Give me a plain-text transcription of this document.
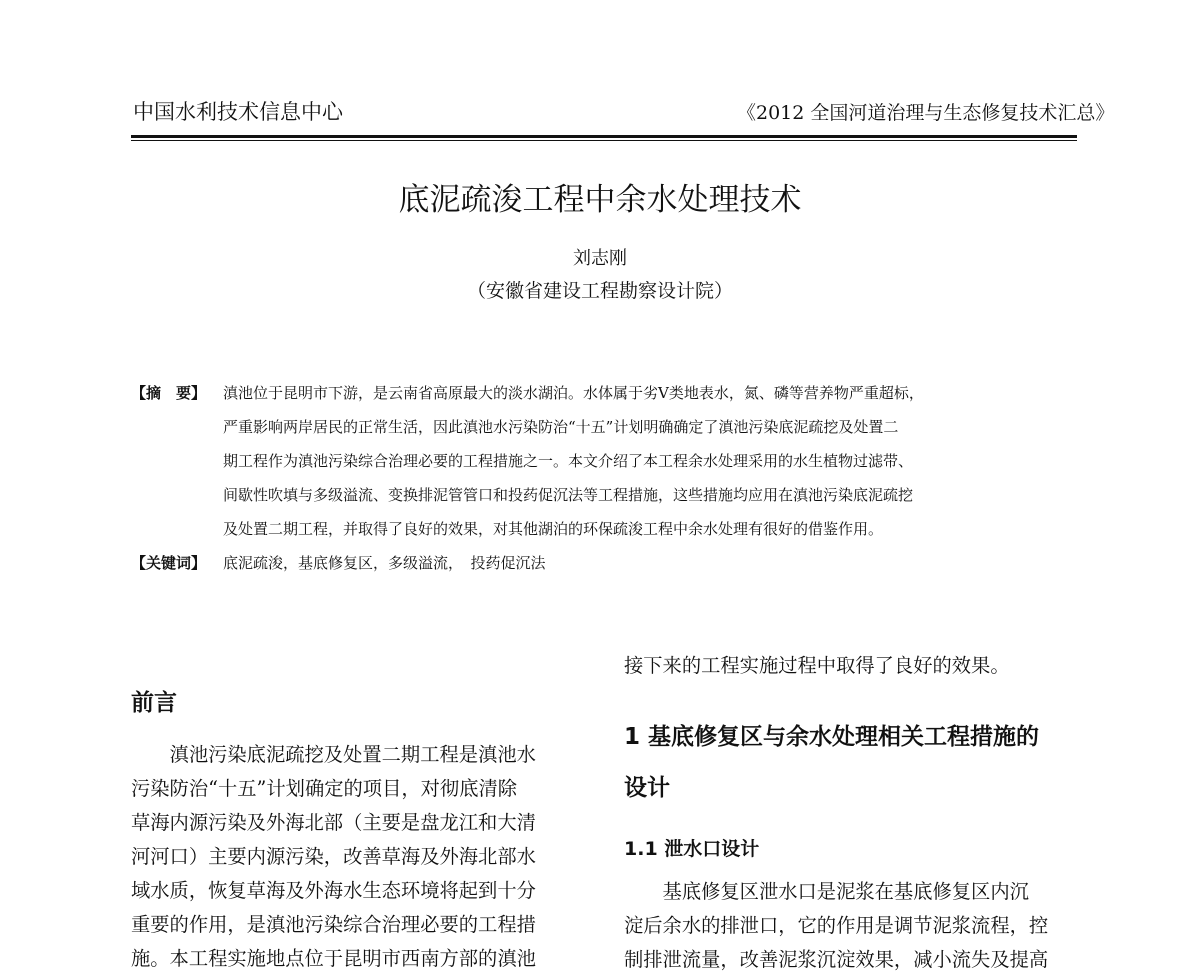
中国水利技术信息中心	《2012 全国河道治理与生态修复技术汇总》
底泥疏浚工程中余水处理技术
刘志刚
（安徽省建设工程勘察设计院）
【摘　要】 滇池位于昆明市下游，是云南省高原最大的淡水湖泊。水体属于劣Ⅴ类地表水，氮、磷等营养物严重超标，
严重影响两岸居民的正常生活，因此滇池水污染防治“十五”计划明确确定了滇池污染底泥疏挖及处置二
期工程作为滇池污染综合治理必要的工程措施之一。本文介绍了本工程余水处理采用的水生植物过滤带、
间歇性吹填与多级溢流、变换排泥管管口和投药促沉法等工程措施，这些措施均应用在滇池污染底泥疏挖
及处置二期工程，并取得了良好的效果，对其他湖泊的环保疏浚工程中余水处理有很好的借鉴作用。
【关键词】 底泥疏浚，基底修复区，多级溢流，　投药促沉法
前言
　　滇池污染底泥疏挖及处置二期工程是滇池水
污染防治“十五”计划确定的项目，对彻底清除
草海内源污染及外海北部（主要是盘龙江和大清
河河口）主要内源污染，改善草海及外海北部水
域水质，恢复草海及外海水生态环境将起到十分
重要的作用，是滇池污染综合治理必要的工程措
施。本工程实施地点位于昆明市西南方部的滇池
接下来的工程实施过程中取得了良好的效果。
1 基底修复区与余水处理相关工程措施的
设计
1.1 泄水口设计
　　基底修复区泄水口是泥浆在基底修复区内沉
淀后余水的排泄口，它的作用是调节泥浆流程，控
制排泄流量，改善泥浆沉淀效果，减小流失及提高
